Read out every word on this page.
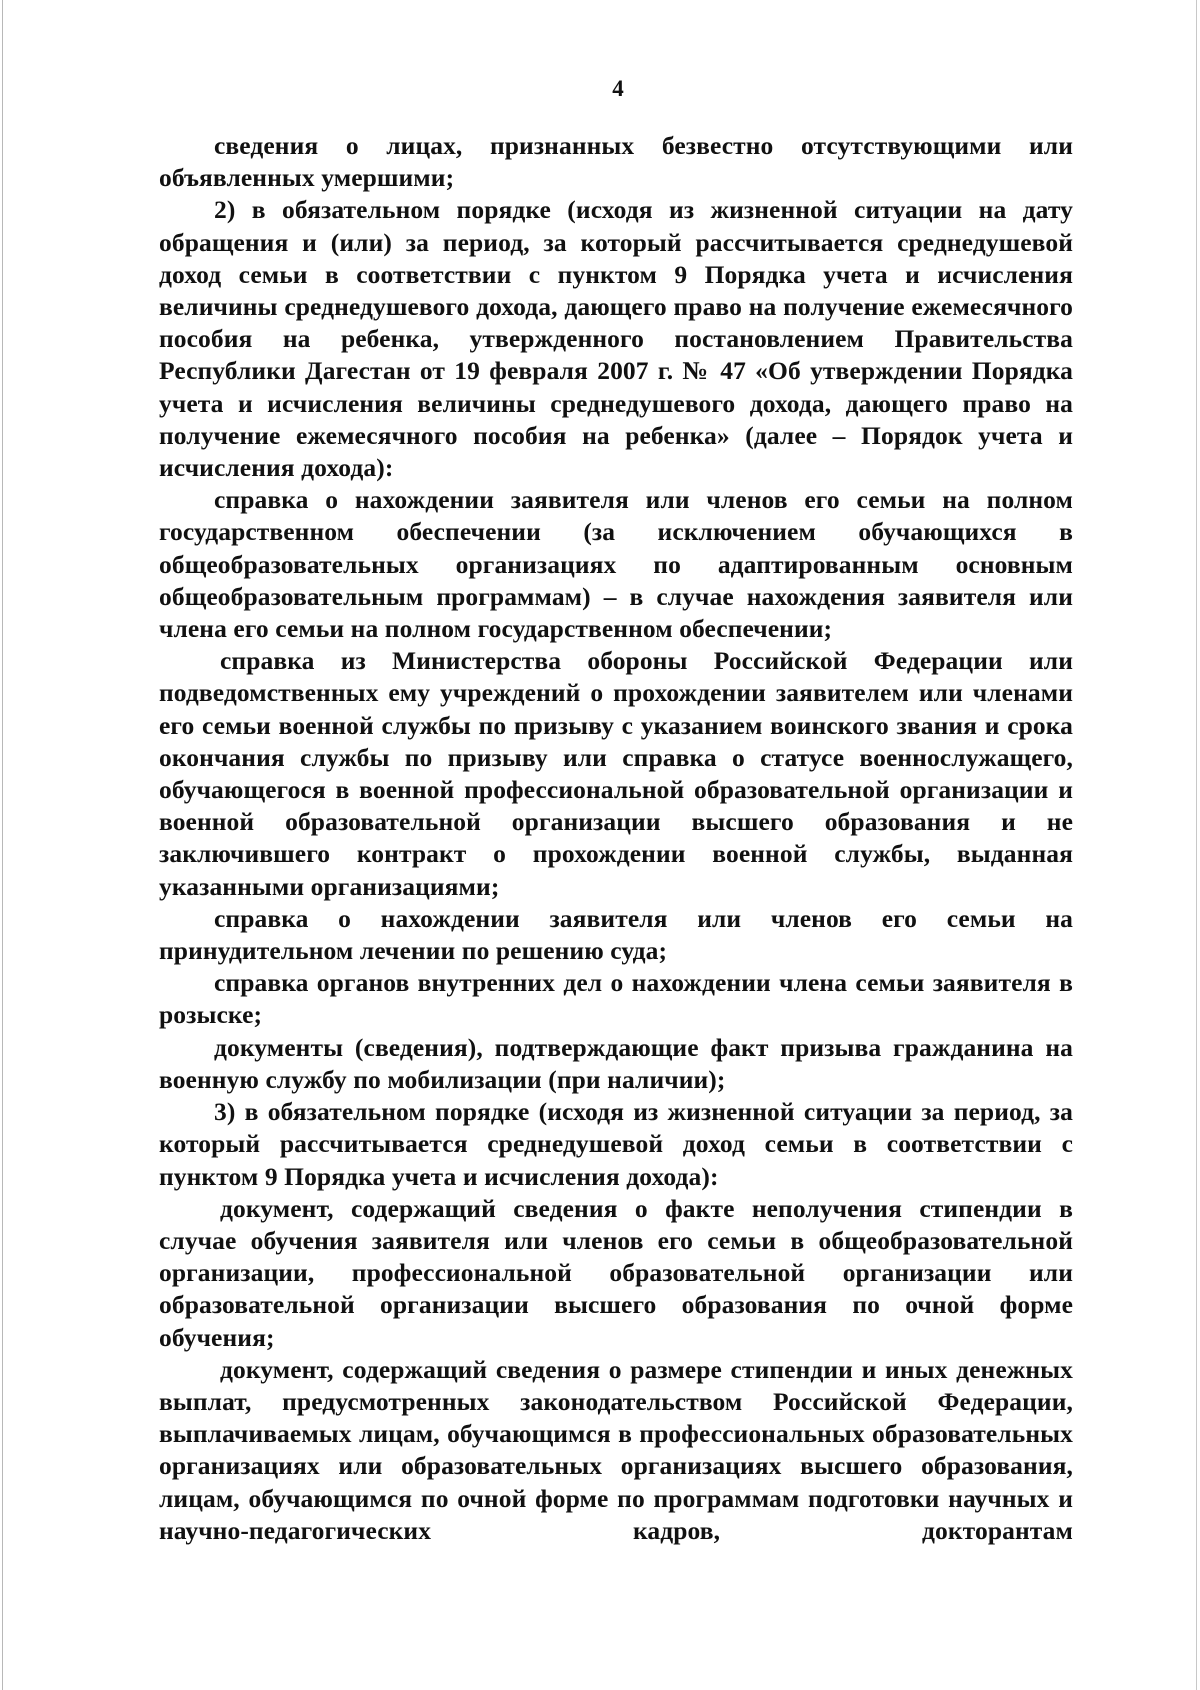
4

сведения о лицах, признанных безвестно отсутствующими или объявленных умершими;

2) в обязательном порядке (исходя из жизненной ситуации на дату обращения и (или) за период, за который рассчитывается среднедушевой доход семьи в соответствии с пунктом 9 Порядка учета и исчисления величины среднедушевого дохода, дающего право на получение ежемесячного пособия на ребенка, утвержденного постановлением Правительства Республики Дагестан от 19 февраля 2007 г. № 47 «Об утверждении Порядка учета и исчисления величины среднедушевого дохода, дающего право на получение ежемесячного пособия на ребенка» (далее – Порядок учета и исчисления дохода):

справка о нахождении заявителя или членов его семьи на полном государственном обеспечении (за исключением обучающихся в общеобразовательных организациях по адаптированным основным общеобразовательным программам) – в случае нахождения заявителя или члена его семьи на полном государственном обеспечении;

справка из Министерства обороны Российской Федерации или подведомственных ему учреждений о прохождении заявителем или членами его семьи военной службы по призыву с указанием воинского звания и срока окончания службы по призыву или справка о статусе военнослужащего, обучающегося в военной профессиональной образовательной организации и военной образовательной организации высшего образования и не заключившего контракт о прохождении военной службы, выданная указанными организациями;

справка о нахождении заявителя или членов его семьи на принудительном лечении по решению суда;

справка органов внутренних дел о нахождении члена семьи заявителя в розыске;

документы (сведения), подтверждающие факт призыва гражданина на военную службу по мобилизации (при наличии);

3) в обязательном порядке (исходя из жизненной ситуации за период, за который рассчитывается среднедушевой доход семьи в соответствии с пунктом 9 Порядка учета и исчисления дохода):

документ, содержащий сведения о факте неполучения стипендии в случае обучения заявителя или членов его семьи в общеобразовательной организации, профессиональной образовательной организации или образовательной организации высшего образования по очной форме обучения;

документ, содержащий сведения о размере стипендии и иных денежных выплат, предусмотренных законодательством Российской Федерации, выплачиваемых лицам, обучающимся в профессиональных образовательных организациях или образовательных организациях высшего образования, лицам, обучающимся по очной форме по программам подготовки научных и научно-педагогических кадров, докторантам
